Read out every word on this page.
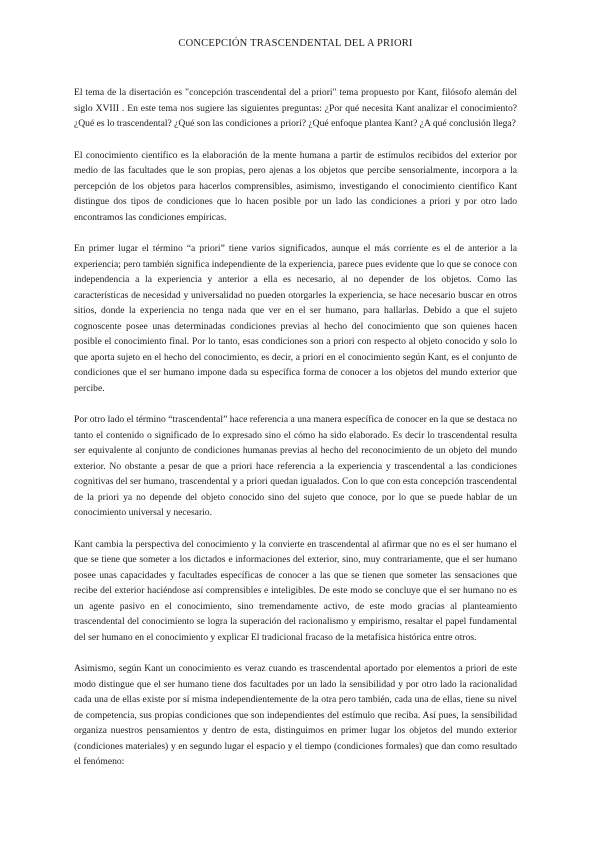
CONCEPCIÓN TRASCENDENTAL DEL A PRIORI

El tema de la disertación es "concepción trascendental del a priori" tema propuesto por Kant, filósofo alemán del siglo XVIII . En este tema nos sugiere las siguientes preguntas: ¿Por qué necesita Kant analizar el conocimiento? ¿Qué es lo trascendental? ¿Qué son las condiciones a priori? ¿Qué enfoque plantea Kant? ¿A qué conclusión llega?

El conocimiento científico es la elaboración de la mente humana a partir de estímulos recibidos del exterior por medio de las facultades que le son propias, pero ajenas a los objetos que percibe sensorialmente, incorpora a la percepción de los objetos para hacerlos comprensibles, asimismo, investigando el conocimiento científico Kant distingue dos tipos de condiciones que lo hacen posible por un lado las condiciones a priori y por otro lado encontramos las condiciones empíricas.

En primer lugar el término “a priori” tiene varios significados, aunque el más corriente es el de anterior a la experiencia; pero también significa independiente de la experiencia, parece pues evidente que lo que se conoce con independencia a la experiencia y anterior a ella es necesario, al no depender de los objetos. Como las características de necesidad y universalidad no pueden otorgarles la experiencia, se hace necesario buscar en otros sitios, donde la experiencia no tenga nada que ver en el ser humano, para hallarlas. Debido a que el sujeto cognoscente posee unas determinadas condiciones previas al hecho del conocimiento que son quienes hacen posible el conocimiento final. Por lo tanto, esas condiciones son a priori con respecto al objeto conocido y solo lo que aporta sujeto en el hecho del conocimiento, es decir, a priori en el conocimiento según Kant, es el conjunto de condiciones que el ser humano impone dada su específica forma de conocer a los objetos del mundo exterior que percibe.

Por otro lado el término “trascendental” hace referencia a una manera específica de conocer en la que se destaca no tanto el contenido o significado de lo expresado sino el cómo ha sido elaborado. Es decir lo trascendental resulta ser equivalente al conjunto de condiciones humanas previas al hecho del reconocimiento de un objeto del mundo exterior. No obstante a pesar de que a priori hace referencia a la experiencia y trascendental a las condiciones cognitivas del ser humano, trascendental y a priori quedan igualados. Con lo que con esta concepción trascendental de la priori ya no depende del objeto conocido sino del sujeto que conoce, por lo que se puede hablar de un conocimiento universal y necesario.

Kant cambia la perspectiva del conocimiento y la convierte en trascendental al afirmar que no es el ser humano el que se tiene que someter a los dictados e informaciones del exterior, sino, muy contrariamente, que el ser humano posee unas capacidades y facultades específicas de conocer a las que se tienen que someter las sensaciones que recibe del exterior haciéndose así comprensibles e inteligibles. De este modo se concluye que el ser humano no es un agente pasivo en el conocimiento, sino tremendamente activo, de este modo gracias al planteamiento trascendental del conocimiento se logra la superación del racionalismo y empirismo, resaltar el papel fundamental del ser humano en el conocimiento y explicar El tradicional fracaso de la metafísica histórica entre otros.

Asimismo, según Kant un conocimiento es veraz cuando es trascendental aportado por elementos a priori de este modo distingue que el ser humano tiene dos facultades por un lado la sensibilidad y por otro lado la racionalidad cada una de ellas existe por sí misma independientemente de la otra pero también, cada una de ellas, tiene su nivel de competencia, sus propias condiciones que son independientes del estímulo que reciba. Así pues, la sensibilidad organiza nuestros pensamientos y dentro de esta, distinguimos en primer lugar los objetos del mundo exterior (condiciones materiales) y en segundo lugar el espacio y el tiempo (condiciones formales) que dan como resultado el fenómeno:
